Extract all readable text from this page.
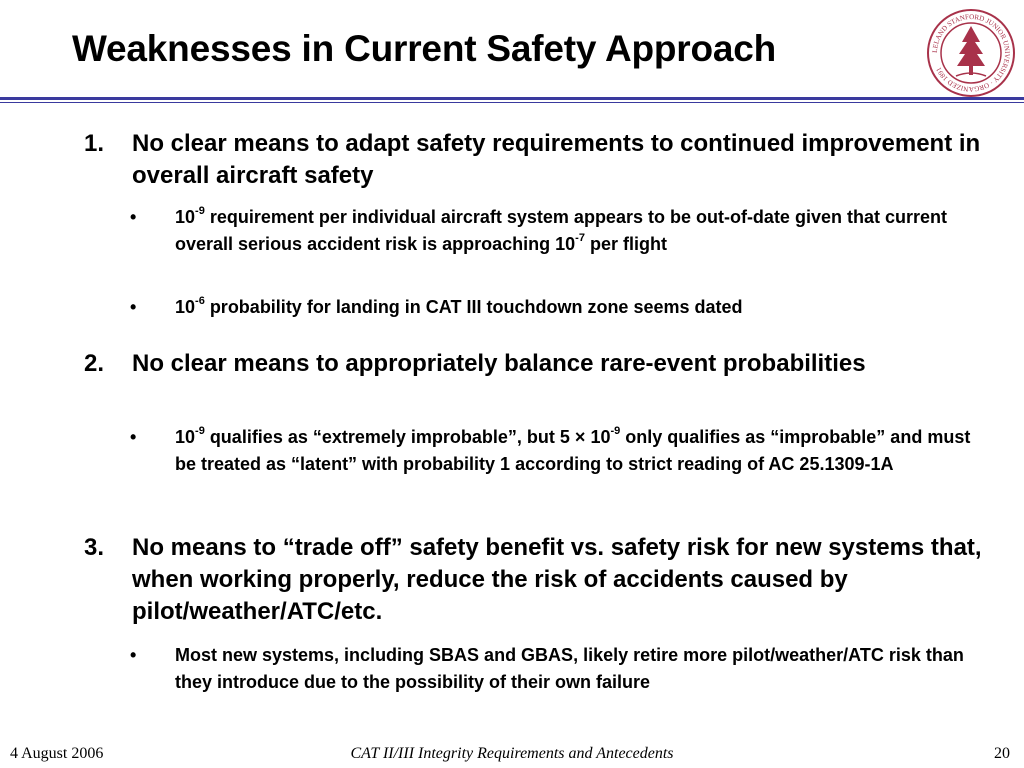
Weaknesses in Current Safety Approach	LELAND STANFORD JUNIOR UNIVERSITY · ORGANIZED 1891
1. No clear means to adapt safety requirements to continued improvement in overall aircraft safety
• $10^{-9}$ requirement per individual aircraft system appears to be out-of-date given that current overall serious accident risk is approaching $10^{-7}$ per flight
• $10^{-6}$ probability for landing in CAT III touchdown zone seems dated
2. No clear means to appropriately balance rare-event probabilities
• $10^{-9}$ qualifies as “extremely improbable”, but $5 \times 10^{-9}$ only qualifies as “improbable” and must be treated as “latent” with probability 1 according to strict reading of AC 25.1309-1A
3. No means to “trade off” safety benefit vs. safety risk for new systems that, when working properly, reduce the risk of accidents caused by pilot/weather/ATC/etc.
• Most new systems, including SBAS and GBAS, likely retire more pilot/weather/ATC risk than they introduce due to the possibility of their own failure
4 August 2006	CAT II/III Integrity Requirements and Antecedents	20
